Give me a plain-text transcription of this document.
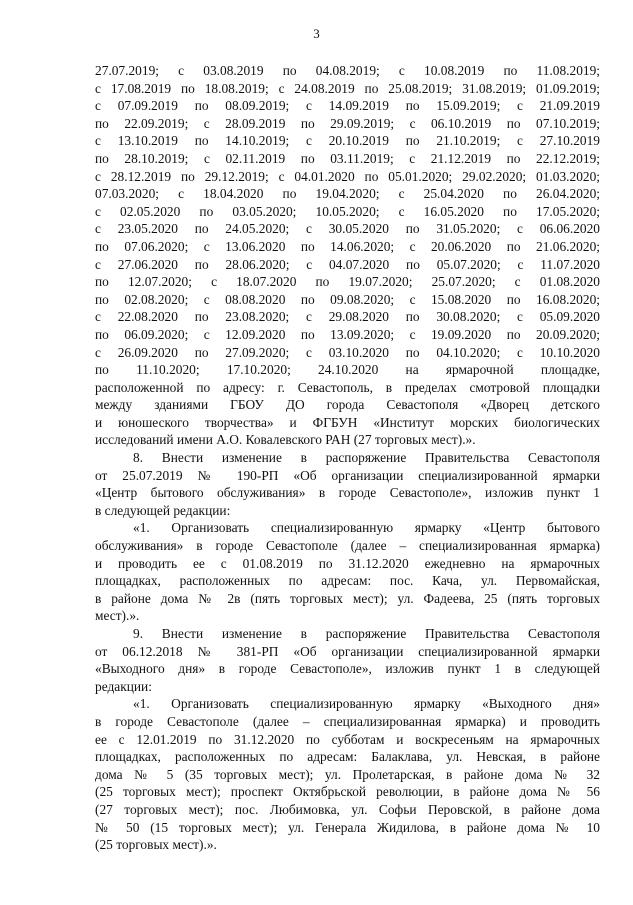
3
27.07.2019; с 03.08.2019 по 04.08.2019; с 10.08.2019 по 11.08.2019;
с 17.08.2019 по 18.08.2019; с 24.08.2019 по 25.08.2019; 31.08.2019; 01.09.2019;
с 07.09.2019 по 08.09.2019; с 14.09.2019 по 15.09.2019; с 21.09.2019
по 22.09.2019; с 28.09.2019 по 29.09.2019; с 06.10.2019 по 07.10.2019;
с 13.10.2019 по 14.10.2019; с 20.10.2019 по 21.10.2019; с 27.10.2019
по 28.10.2019; с 02.11.2019 по 03.11.2019; с 21.12.2019 по 22.12.2019;
с 28.12.2019 по 29.12.2019; с 04.01.2020 по 05.01.2020; 29.02.2020; 01.03.2020;
07.03.2020; с 18.04.2020 по 19.04.2020; с 25.04.2020 по 26.04.2020;
с 02.05.2020 по 03.05.2020; 10.05.2020; с 16.05.2020 по 17.05.2020;
с 23.05.2020 по 24.05.2020; с 30.05.2020 по 31.05.2020; с 06.06.2020
по 07.06.2020; с 13.06.2020 по 14.06.2020; с 20.06.2020 по 21.06.2020;
с 27.06.2020 по 28.06.2020; с 04.07.2020 по 05.07.2020; с 11.07.2020
по 12.07.2020; с 18.07.2020 по 19.07.2020; 25.07.2020; с 01.08.2020
по 02.08.2020; с 08.08.2020 по 09.08.2020; с 15.08.2020 по 16.08.2020;
с 22.08.2020 по 23.08.2020; с 29.08.2020 по 30.08.2020; с 05.09.2020
по 06.09.2020; с 12.09.2020 по 13.09.2020; с 19.09.2020 по 20.09.2020;
с 26.09.2020 по 27.09.2020; с 03.10.2020 по 04.10.2020; с 10.10.2020
по 11.10.2020; 17.10.2020; 24.10.2020 на ярмарочной площадке,
расположенной по адресу: г. Севастополь, в пределах смотровой площадки
между зданиями ГБОУ ДО города Севастополя «Дворец детского
и юношеского творчества» и ФГБУН «Институт морских биологических
исследований имени А.О. Ковалевского РАН (27 торговых мест).».
8. Внести изменение в распоряжение Правительства Севастополя
от 25.07.2019 № 190-РП «Об организации специализированной ярмарки
«Центр бытового обслуживания» в городе Севастополе», изложив пункт 1
в следующей редакции:
«1. Организовать специализированную ярмарку «Центр бытового
обслуживания» в городе Севастополе (далее – специализированная ярмарка)
и проводить ее с 01.08.2019 по 31.12.2020 ежедневно на ярмарочных
площадках, расположенных по адресам: пос. Кача, ул. Первомайская,
в районе дома № 2в (пять торговых мест); ул. Фадеева, 25 (пять торговых
мест).».
9. Внести изменение в распоряжение Правительства Севастополя
от 06.12.2018 № 381-РП «Об организации специализированной ярмарки
«Выходного дня» в городе Севастополе», изложив пункт 1 в следующей
редакции:
«1. Организовать специализированную ярмарку «Выходного дня»
в городе Севастополе (далее – специализированная ярмарка) и проводить
ее с 12.01.2019 по 31.12.2020 по субботам и воскресеньям на ярмарочных
площадках, расположенных по адресам: Балаклава, ул. Невская, в районе
дома № 5 (35 торговых мест); ул. Пролетарская, в районе дома № 32
(25 торговых мест); проспект Октябрьской революции, в районе дома № 56
(27 торговых мест); пос. Любимовка, ул. Софьи Перовской, в районе дома
№ 50 (15 торговых мест); ул. Генерала Жидилова, в районе дома № 10
(25 торговых мест).».
